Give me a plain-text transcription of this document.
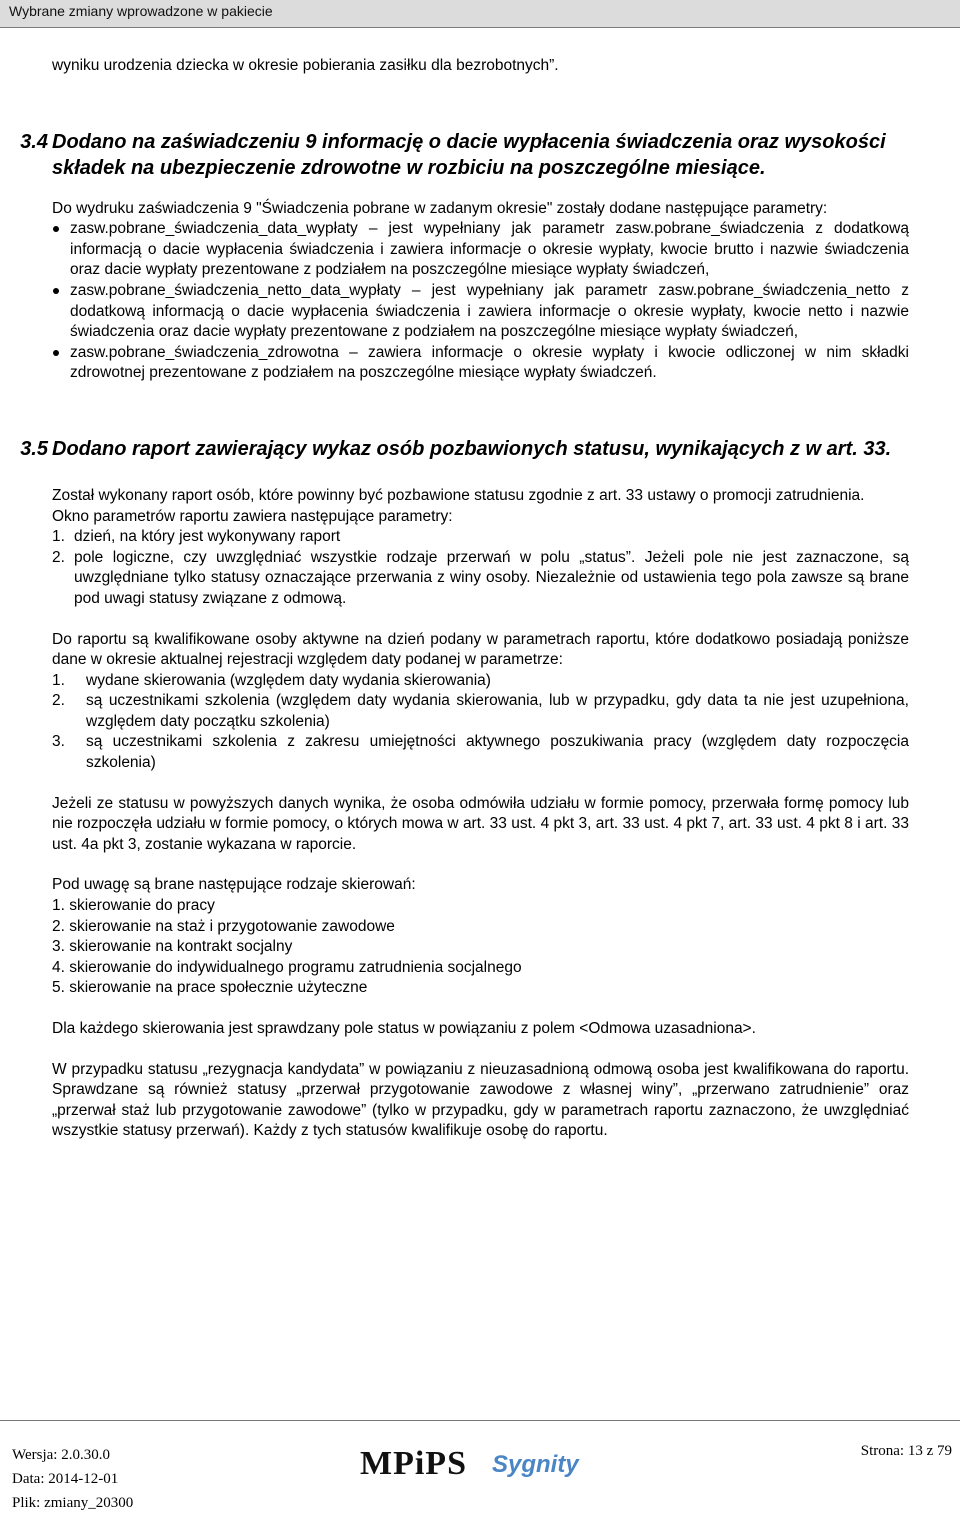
Wybrane zmiany wprowadzone w pakiecie

wyniku urodzenia dziecka w okresie pobierania zasiłku dla bezrobotnych”.

3.4 Dodano na zaświadczeniu 9 informację o dacie wypłacenia świadczenia oraz wysokości składek na ubezpieczenie zdrowotne w rozbiciu na poszczególne miesiące.

Do wydruku zaświadczenia 9 "Świadczenia pobrane w zadanym okresie" zostały dodane następujące parametry:

zasw.pobrane_świadczenia_data_wypłaty – jest wypełniany jak parametr zasw.pobrane_świadczenia z dodatkową informacją o dacie wypłacenia świadczenia i zawiera informacje o okresie wypłaty, kwocie brutto i nazwie świadczenia oraz dacie wypłaty prezentowane z podziałem na poszczególne miesiące wypłaty świadczeń,
zasw.pobrane_świadczenia_netto_data_wypłaty – jest wypełniany jak parametr zasw.pobrane_świadczenia_netto z dodatkową informacją o dacie wypłacenia świadczenia i zawiera informacje o okresie wypłaty, kwocie netto i nazwie świadczenia oraz dacie wypłaty prezentowane z podziałem na poszczególne miesiące wypłaty świadczeń,
zasw.pobrane_świadczenia_zdrowotna – zawiera informacje o okresie wypłaty i kwocie odliczonej w nim składki zdrowotnej prezentowane z podziałem na poszczególne miesiące wypłaty świadczeń.
3.5 Dodano raport zawierający wykaz osób pozbawionych statusu, wynikających z w art. 33.

Został wykonany raport osób, które powinny być pozbawione statusu zgodnie z art. 33 ustawy o promocji zatrudnienia.

Okno parametrów raportu zawiera następujące parametry:

1. dzień, na który jest wykonywany raport
2. pole logiczne, czy uwzględniać wszystkie rodzaje przerwań w polu „status”. Jeżeli pole nie jest zaznaczone, są uwzględniane tylko statusy oznaczające przerwania z winy osoby. Niezależnie od ustawienia tego pola zawsze są brane pod uwagi statusy związane z odmową.

Do raportu są kwalifikowane osoby aktywne na dzień podany w parametrach raportu, które dodatkowo posiadają poniższe dane w okresie aktualnej rejestracji względem daty podanej w parametrze:

1. wydane skierowania (względem daty wydania skierowania)
2. są uczestnikami szkolenia (względem daty wydania skierowania, lub w przypadku, gdy data ta nie jest uzupełniona, względem daty początku szkolenia)
3. są uczestnikami szkolenia z zakresu umiejętności aktywnego poszukiwania pracy (względem daty rozpoczęcia szkolenia)

Jeżeli ze statusu w powyższych danych wynika, że osoba odmówiła udziału w formie pomocy, przerwała formę pomocy lub nie rozpoczęła udziału w formie pomocy, o których mowa w art. 33 ust. 4 pkt 3, art. 33 ust. 4 pkt 7, art. 33 ust. 4 pkt 8 i art. 33 ust. 4a pkt 3, zostanie wykazana w raporcie.

Pod uwagę są brane następujące rodzaje skierowań:

1. skierowanie do pracy
2. skierowanie na staż i przygotowanie zawodowe
3. skierowanie na kontrakt socjalny
4. skierowanie do indywidualnego programu zatrudnienia socjalnego
5. skierowanie na prace społecznie użyteczne

Dla każdego skierowania jest sprawdzany pole status w powiązaniu z polem <Odmowa uzasadniona>.

W przypadku statusu „rezygnacja kandydata” w powiązaniu z nieuzasadnioną odmową osoba jest kwalifikowana do raportu. Sprawdzane są również statusy „przerwał przygotowanie zawodowe z własnej winy”, „przerwano zatrudnienie” oraz „przerwał staż lub przygotowanie zawodowe” (tylko w przypadku, gdy w parametrach raportu zaznaczono, że uwzględniać wszystkie statusy przerwań). Każdy z tych statusów kwalifikuje osobę do raportu.

Wersja: 2.0.30.0
Data: 2014-12-01
Plik: zmiany_20300
MPiPS Sygnity	Strona: 13 z 79
